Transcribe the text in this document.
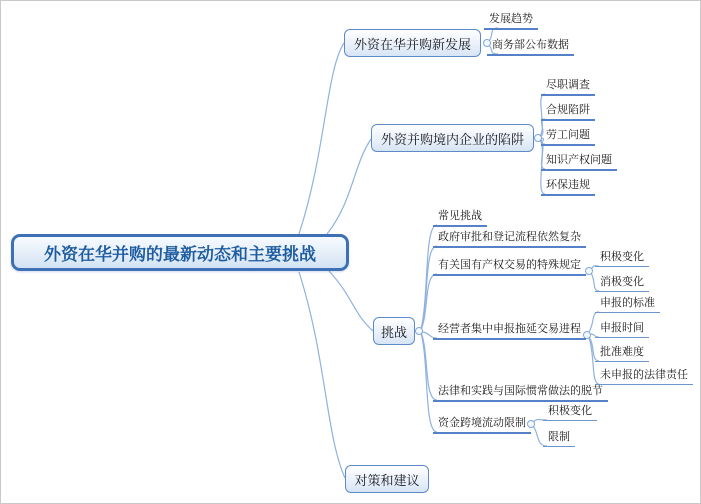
外资在华并购的最新动态和主要挑战
外资在华并购新发展
外资并购境内企业的陷阱
挑战
对策和建议
发展趋势
商务部公布数据
尽职调查
合规陷阱
劳工问题
知识产权问题
环保违规
常见挑战
政府审批和登记流程依然复杂
有关国有产权交易的特殊规定
经营者集中申报拖延交易进程
法律和实践与国际惯常做法的脱节
资金跨境流动限制
积极变化
消极变化
申报的标准
申报时间
批准难度
未申报的法律责任
积极变化
限制
